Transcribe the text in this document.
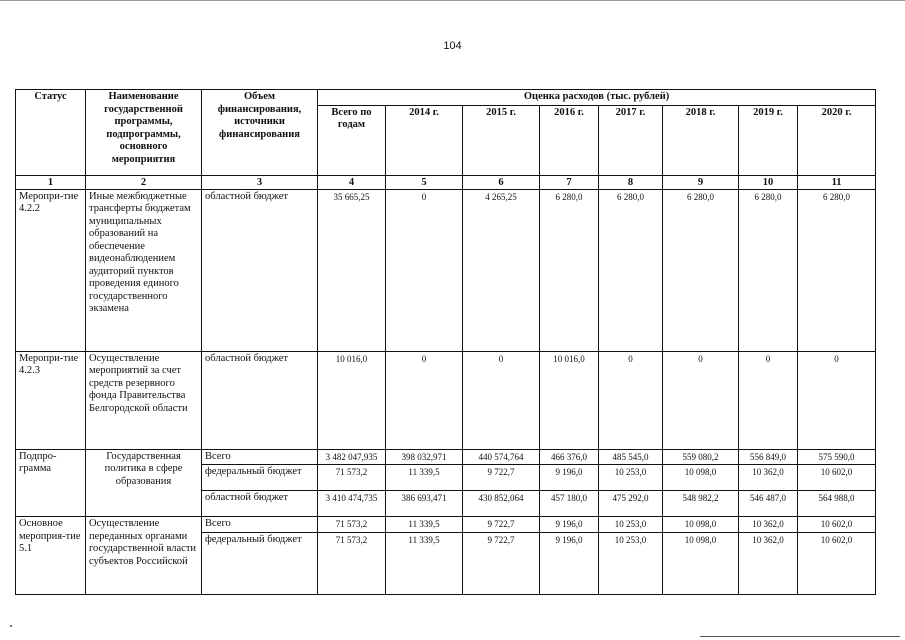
104
Статус	Наименование государственной программы, подпрограммы, основного мероприятия	Объем финансирования, источники финансирования	Оценка расходов (тыс. рублей)							
			Всего по годам	2014 г.	2015 г.	2016 г.	2017 г.	2018 г.	2019 г.	2020 г.
1	2	3	4	5	6	7	8	9	10	11
Меропри-тие 4.2.2	Иные межбюджетные трансферты бюджетам муниципальных образований на обеспечение видеонаблюдением аудиторий пунктов проведения единого государственного экзамена	областной бюджет	35 665,25	0	4 265,25	6 280,0	6 280,0	6 280,0	6 280,0	6 280,0
Меропри-тие 4.2.3	Осуществление мероприятий за счет средств резервного фонда Правительства Белгородской области	областной бюджет	10 016,0	0	0	10 016,0	0	0	0	0
Подпро-грамма	Государственная политика в сфере образования	Всего	3 482 047,935	398 032,971	440 574,764	466 376,0	485 545,0	559 080,2	556 849,0	575 590,0
		федеральный бюджет	71 573,2	11 339,5	9 722,7	9 196,0	10 253,0	10 098,0	10 362,0	10 602,0
		областной бюджет	3 410 474,735	386 693,471	430 852,064	457 180,0	475 292,0	548 982,2	546 487,0	564 988,0
Основное мероприя-тие 5.1	Осуществление переданных органами государственной власти субъектов Российской	Всего	71 573,2	11 339,5	9 722,7	9 196,0	10 253,0	10 098,0	10 362,0	10 602,0
		федеральный бюджет	71 573,2	11 339,5	9 722,7	9 196,0	10 253,0	10 098,0	10 362,0	10 602,0
